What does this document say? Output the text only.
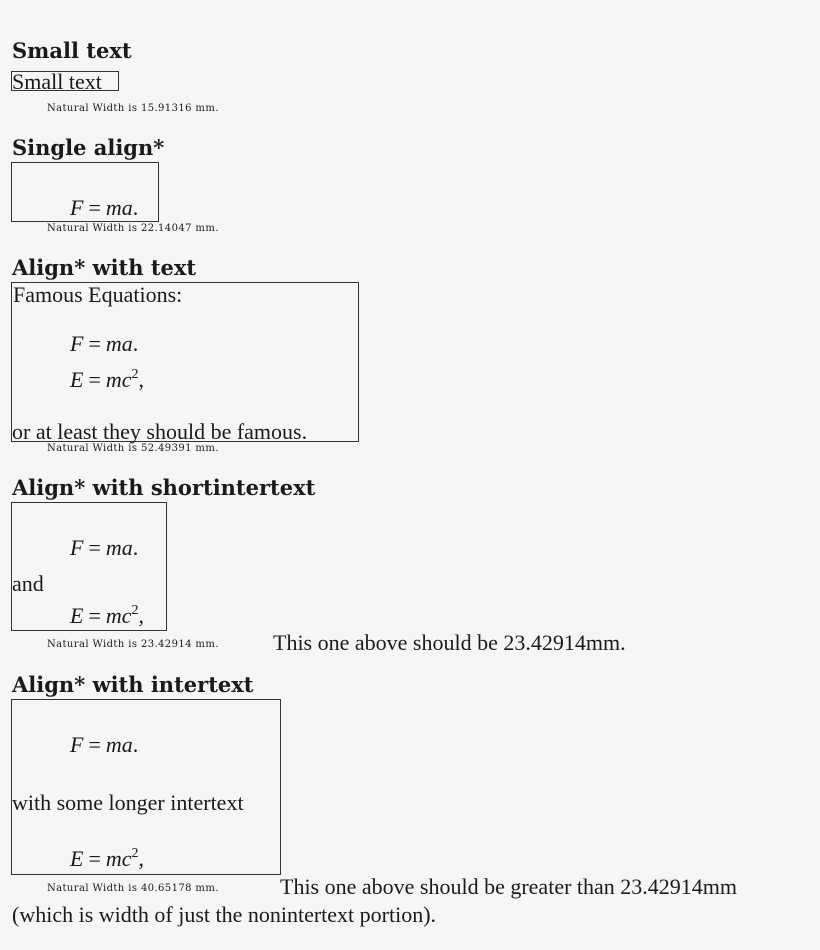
Small text
Small text
Natural Width is 15.91316 mm.
Single align*
F = ma.
Natural Width is 22.14047 mm.
Align* with text
Famous Equations:
F = ma.
$E = mc^2$,
or at least they should be famous.
Natural Width is 52.49391 mm.
Align* with shortintertext
F = ma.
and
$E = mc^2$,
Natural Width is 23.42914 mm. This one above should be 23.42914mm.
Align* with intertext
F = ma.
with some longer intertext
$E = mc^2$,
Natural Width is 40.65178 mm.	This one above should be greater than 23.42914mm
(which is width of just the nonintertext portion).
